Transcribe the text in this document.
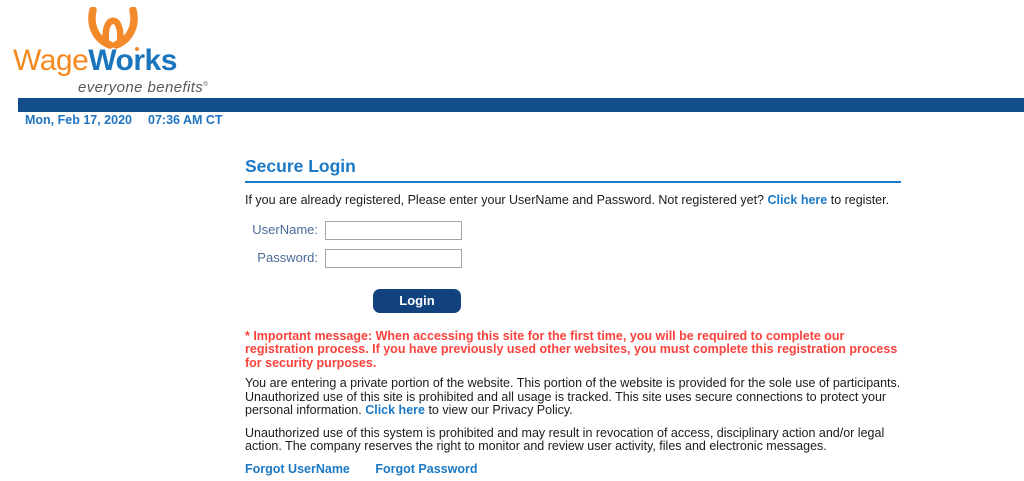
WageWorks
everyone benefits®
Mon, Feb 17, 2020 07:36 AM CT
Secure Login

If you are already registered, Please enter your UserName and Password. Not registered yet? Click here to register.

UserName:
Password:
Login

* Important message: When accessing this site for the first time, you will be required to complete our registration process. If you have previously used other websites, you must complete this registration process for security purposes.

You are entering a private portion of the website. This portion of the website is provided for the sole use of participants. Unauthorized use of this site is prohibited and all usage is tracked. This site uses secure connections to protect your personal information. Click here to view our Privacy Policy.

Unauthorized use of this system is prohibited and may result in revocation of access, disciplinary action and/or legal action. The company reserves the right to monitor and review user activity, files and electronic messages.

Forgot UserName Forgot Password
